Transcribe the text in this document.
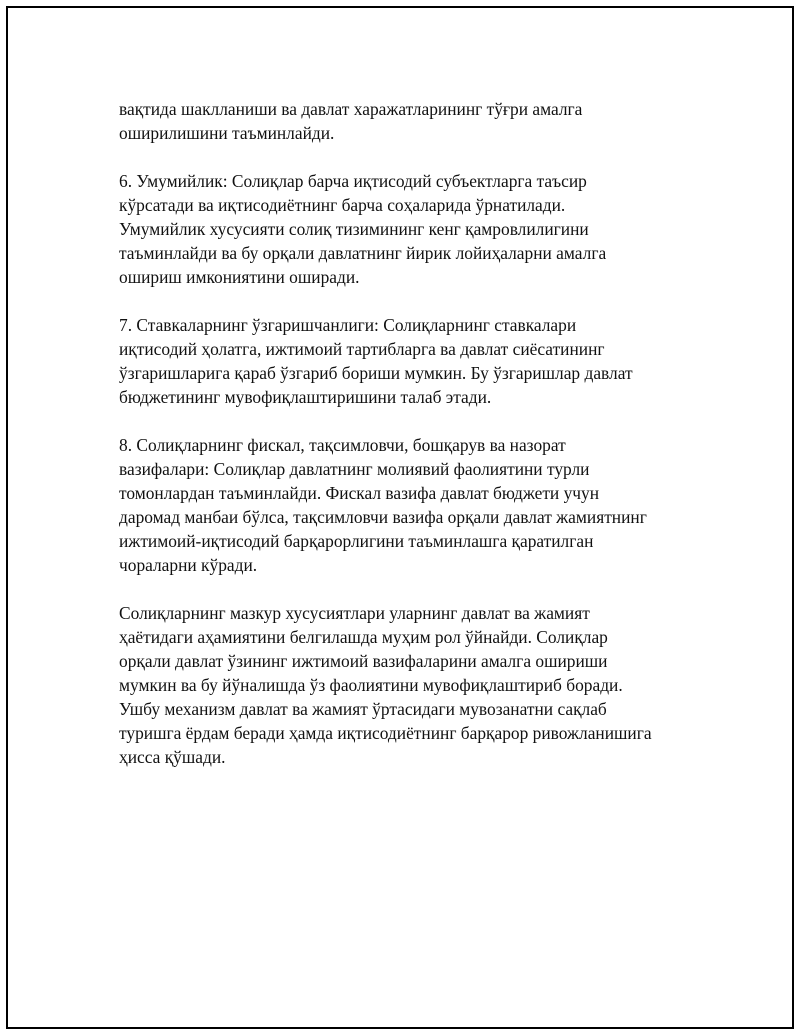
вақтида шаклланиши ва давлат харажатларининг тўғри амалга
оширилишини таъминлайди.

6. Умумийлик: Солиқлар барча иқтисодий субъектларга таъсир
кўрсатади ва иқтисодиётнинг барча соҳаларида ўрнатилади.
Умумийлик хусусияти солиқ тизимининг кенг қамровлилигини
таъминлайди ва бу орқали давлатнинг йирик лойиҳаларни амалга
ошириш имкониятини оширади.

7. Ставкаларнинг ўзгаришчанлиги: Солиқларнинг ставкалари
иқтисодий ҳолатга, ижтимоий тартибларга ва давлат сиёсатининг
ўзгаришларига қараб ўзгариб бориши мумкин. Бу ўзгаришлар давлат
бюджетининг мувофиқлаштиришини талаб этади.

8. Солиқларнинг фискал, тақсимловчи, бошқарув ва назорат
вазифалари: Солиқлар давлатнинг молиявий фаолиятини турли
томонлардан таъминлайди. Фискал вазифа давлат бюджети учун
даромад манбаи бўлса, тақсимловчи вазифа орқали давлат жамиятнинг
ижтимоий-иқтисодий барқарорлигини таъминлашга қаратилган
чораларни кўради.

Солиқларнинг мазкур хусусиятлари уларнинг давлат ва жамият
ҳаётидаги аҳамиятини белгилашда муҳим рол ўйнайди. Солиқлар
орқали давлат ўзининг ижтимоий вазифаларини амалга ошириши
мумкин ва бу йўналишда ўз фаолиятини мувофиқлаштириб боради.
Ушбу механизм давлат ва жамият ўртасидаги мувозанатни сақлаб
туришга ёрдам беради ҳамда иқтисодиётнинг барқарор ривожланишига
ҳисса қўшади.
